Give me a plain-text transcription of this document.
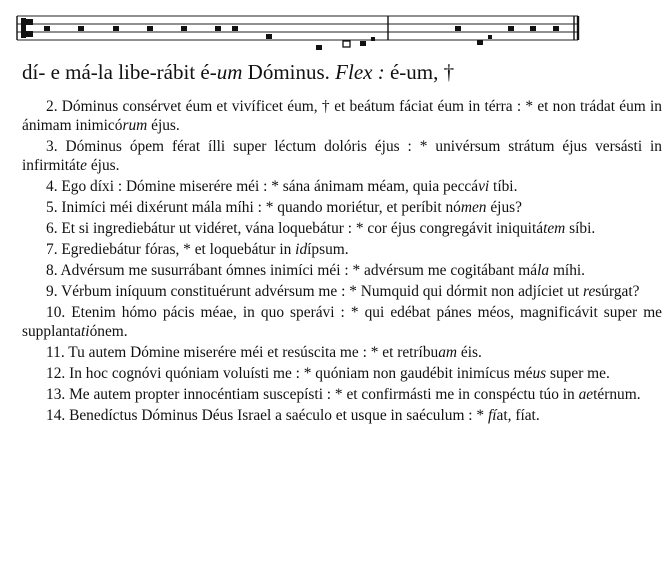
dí- e má-la libe-rábit é-um Dóminus. Flex : é-um, †

2. Dóminus consérvet éum et vivíficet éum, † et beátum fáciat éum in térra : * et non trádat éum in ánimam inimicórum éjus.

3. Dóminus ópem férat ílli super léctum dolóris éjus : * univérsum strátum éjus versásti in infirmitáte éjus.

4. Ego díxi : Dómine miserére méi : * sána ánimam méam, quia peccávi tíbi.

5. Inimíci méi dixérunt mála míhi : * quando moriétur, et períbit nómen éjus?

6. Et si ingrediebátur ut vidéret, vána loquebátur : * cor éjus congregávit iniquitátem síbi.

7. Egrediebátur fóras, * et loquebátur in idípsum.

8. Advérsum me susurrábant ómnes inimíci méi : * advérsum me cogitábant mála míhi.

9. Vérbum iníquum constituérunt advérsum me : * Numquid qui dórmit non adjíciet ut resúrgat?

10. Etenim hómo pácis méae, in quo sperávi : * qui edébat pánes méos, magnificávit super me supplantatiónem.

11. Tu autem Dómine miserére méi et resúscita me : * et retríbuam éis.

12. In hoc cognóvi quóniam voluísti me : * quóniam non gaudébit inimícus méus super me.

13. Me autem propter innocéntiam suscepísti : * et confirmásti me in conspéctu túo in aetérnum.

14. Benedíctus Dóminus Déus Israel a saéculo et usque in saéculum : * fíat, fíat.
